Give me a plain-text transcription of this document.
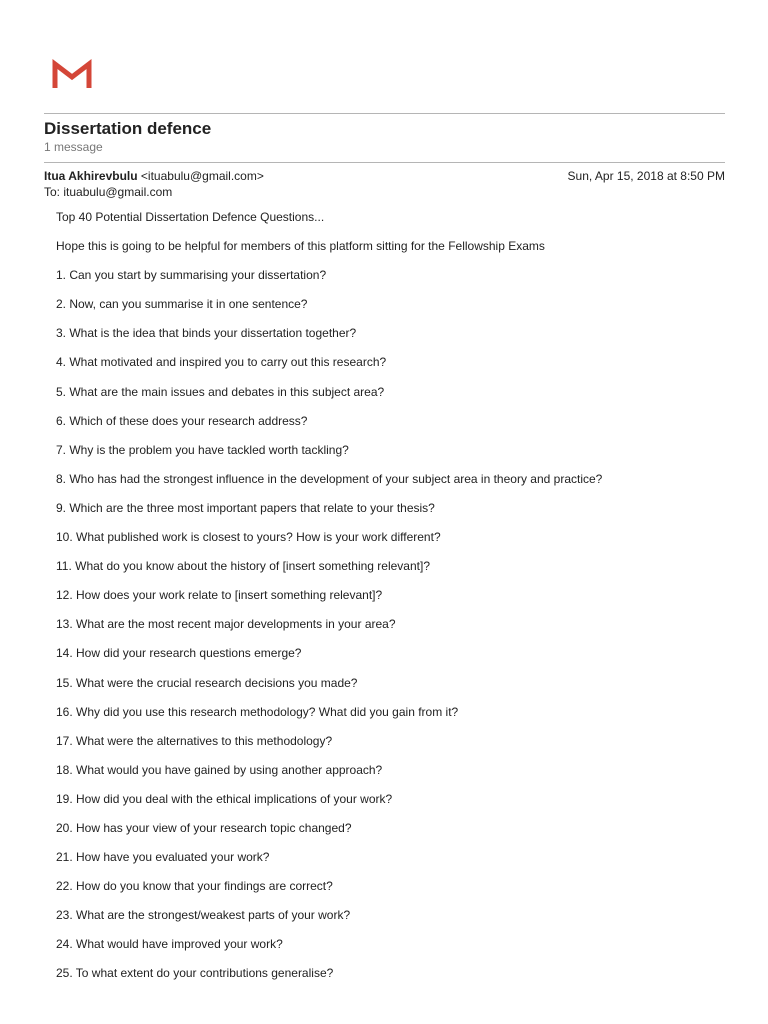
Dissertation defence
1 message
Itua Akhirevbulu <ituabulu@gmail.com>	Sun, Apr 15, 2018 at 8:50 PM
To: ituabulu@gmail.com

Top 40 Potential Dissertation Defence Questions...

Hope this is going to be helpful for members of this platform sitting for the Fellowship Exams

1. Can you start by summarising your dissertation?

2. Now, can you summarise it in one sentence?

3. What is the idea that binds your dissertation together?

4. What motivated and inspired you to carry out this research?

5. What are the main issues and debates in this subject area?

6. Which of these does your research address?

7. Why is the problem you have tackled worth tackling?

8. Who has had the strongest influence in the development of your subject area in theory and practice?

9. Which are the three most important papers that relate to your thesis?

10. What published work is closest to yours? How is your work different?

11. What do you know about the history of [insert something relevant]?

12. How does your work relate to [insert something relevant]?

13. What are the most recent major developments in your area?

14. How did your research questions emerge?

15. What were the crucial research decisions you made?

16. Why did you use this research methodology? What did you gain from it?

17. What were the alternatives to this methodology?

18. What would you have gained by using another approach?

19. How did you deal with the ethical implications of your work?

20. How has your view of your research topic changed?

21. How have you evaluated your work?

22. How do you know that your findings are correct?

23. What are the strongest/weakest parts of your work?

24. What would have improved your work?

25. To what extent do your contributions generalise?
